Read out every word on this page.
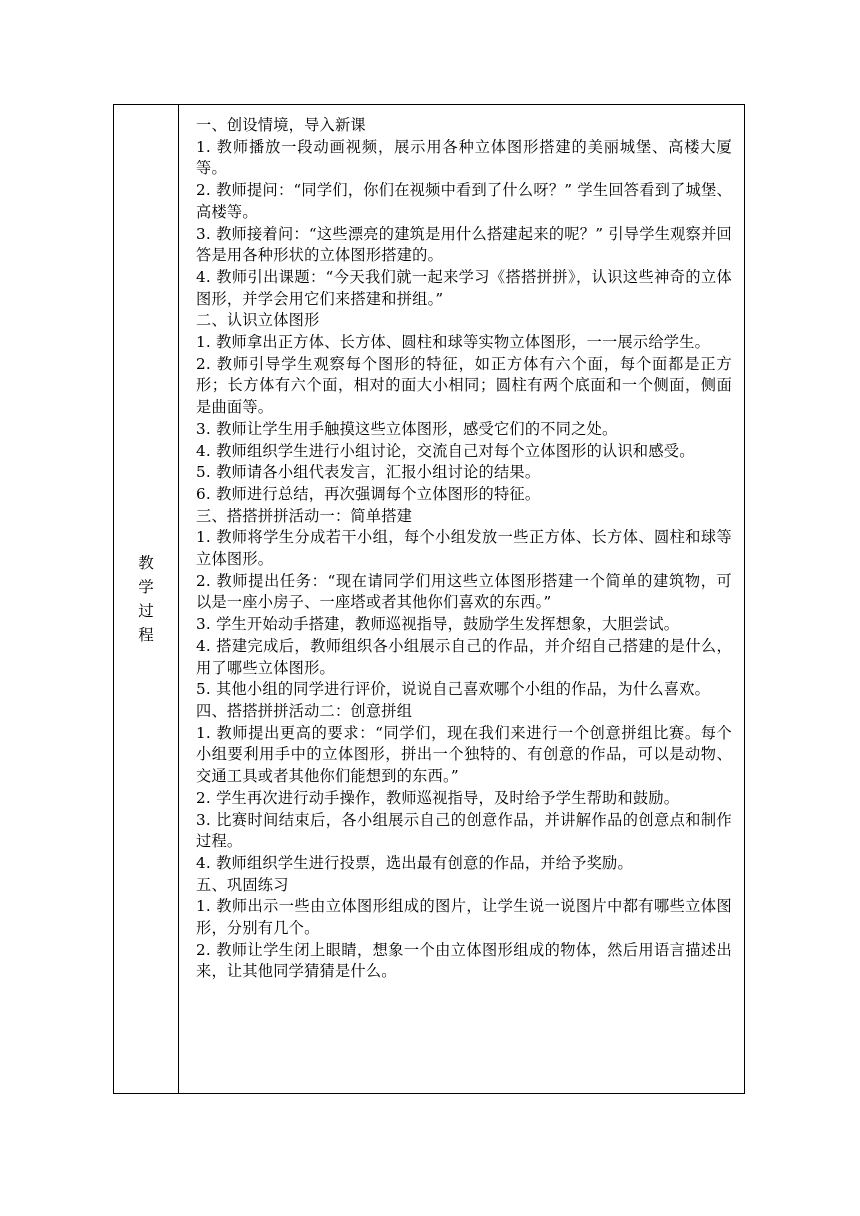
教
学
过
程

一、创设情境，导入新课

1. 教师播放一段动画视频，展示用各种立体图形搭建的美丽城堡、高楼大厦等。

2. 教师提问：“同学们，你们在视频中看到了什么呀？” 学生回答看到了城堡、高楼等。

3. 教师接着问：“这些漂亮的建筑是用什么搭建起来的呢？” 引导学生观察并回答是用各种形状的立体图形搭建的。

4. 教师引出课题：“今天我们就一起来学习《搭搭拼拼》，认识这些神奇的立体图形，并学会用它们来搭建和拼组。”

二、认识立体图形

1. 教师拿出正方体、长方体、圆柱和球等实物立体图形，一一展示给学生。

2. 教师引导学生观察每个图形的特征，如正方体有六个面，每个面都是正方形；长方体有六个面，相对的面大小相同；圆柱有两个底面和一个侧面，侧面是曲面等。

3. 教师让学生用手触摸这些立体图形，感受它们的不同之处。

4. 教师组织学生进行小组讨论，交流自己对每个立体图形的认识和感受。

5. 教师请各小组代表发言，汇报小组讨论的结果。

6. 教师进行总结，再次强调每个立体图形的特征。

三、搭搭拼拼活动一：简单搭建

1. 教师将学生分成若干小组，每个小组发放一些正方体、长方体、圆柱和球等立体图形。

2. 教师提出任务：“现在请同学们用这些立体图形搭建一个简单的建筑物，可以是一座小房子、一座塔或者其他你们喜欢的东西。”

3. 学生开始动手搭建，教师巡视指导，鼓励学生发挥想象，大胆尝试。

4. 搭建完成后，教师组织各小组展示自己的作品，并介绍自己搭建的是什么，用了哪些立体图形。

5. 其他小组的同学进行评价，说说自己喜欢哪个小组的作品，为什么喜欢。

四、搭搭拼拼活动二：创意拼组

1. 教师提出更高的要求：“同学们，现在我们来进行一个创意拼组比赛。每个小组要利用手中的立体图形，拼出一个独特的、有创意的作品，可以是动物、交通工具或者其他你们能想到的东西。”

2. 学生再次进行动手操作，教师巡视指导，及时给予学生帮助和鼓励。

3. 比赛时间结束后，各小组展示自己的创意作品，并讲解作品的创意点和制作过程。

4. 教师组织学生进行投票，选出最有创意的作品，并给予奖励。

五、巩固练习

1. 教师出示一些由立体图形组成的图片，让学生说一说图片中都有哪些立体图形，分别有几个。

2. 教师让学生闭上眼睛，想象一个由立体图形组成的物体，然后用语言描述出来，让其他同学猜猜是什么。
